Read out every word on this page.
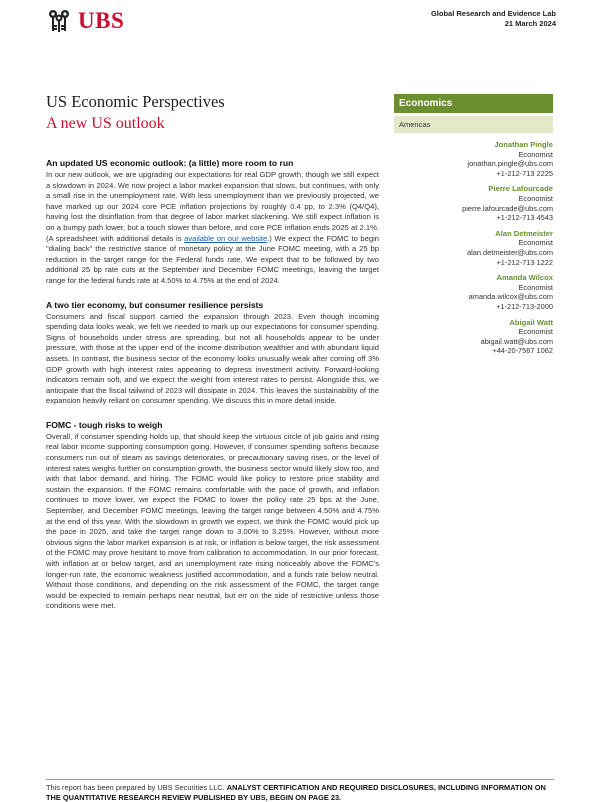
UBS	Global Research and Evidence Lab
21 March 2024
US Economic Perspectives
A new US outlook
An updated US economic outlook: (a little) more room to run

In our new outlook, we are upgrading our expectations for real GDP growth, though we still expect a slowdown in 2024. We now project a labor market expansion that slows, but continues, with only a small rise in the unemployment rate. With less unemployment than we previously projected, we have marked up our 2024 core PCE inflation projections by roughly 0.4 pp, to 2.3% (Q4/Q4), having lost the disinflation from that degree of labor market slackening. We still expect inflation is on a bumpy path lower, but a touch slower than before, and core PCE inflation ends 2025 at 2.1%. (A spreadsheet with additional details is available on our website.) We expect the FOMC to begin "dialing back" the restrictive stance of monetary policy at the June FOMC meeting, with a 25 bp reduction in the target range for the Federal funds rate. We expect that to be followed by two additional 25 bp rate cuts at the September and December FOMC meetings, leaving the target range for the federal funds rate at 4.50% to 4.75% at the end of 2024.

A two tier economy, but consumer resilience persists

Consumers and fiscal support carried the expansion through 2023. Even though incoming spending data looks weak, we felt we needed to mark up our expectations for consumer spending. Signs of households under stress are spreading, but not all households appear to be under pressure, with those at the upper end of the income distribution wealthier and with abundant liquid assets. In contrast, the business sector of the economy looks unusually weak after coming off 3% GDP growth with high interest rates appearing to depress investment activity. Forward-looking indicators remain soft, and we expect the weight from interest rates to persist. Alongside this, we anticipate that the fiscal tailwind of 2023 will dissipate in 2024. This leaves the sustainability of the expansion heavily reliant on consumer spending. We discuss this in more detail inside.

FOMC - tough risks to weigh

Overall, if consumer spending holds up, that should keep the virtuous circle of job gains and rising real labor income supporting consumption going. However, if consumer spending softens because consumers run out of steam as savings deteriorates, or precautionary saving rises, or the level of interest rates weighs further on consumption growth, the business sector would likely slow too, and with that labor demand, and hiring. The FOMC would like policy to restore price stability and sustain the expansion. If the FOMC remains comfortable with the pace of growth, and inflation continues to move lower, we expect the FOMC to lower the policy rate 25 bps at the June, September, and December FOMC meetings, leaving the target range between 4.50% and 4.75% at the end of this year. With the slowdown in growth we expect, we think the FOMC would pick up the pace in 2025, and take the target range down to 3.00% to 3.25%. However, without more obvious signs the labor market expansion is at risk, or inflation is below target, the risk assessment of the FOMC may prove hesitant to move from calibration to accommodation. In our prior forecast, with inflation at or below target, and an unemployment rate rising noticeably above the FOMC's longer-run rate, the economic weakness justified accommodation, and a funds rate below neutral. Without those conditions, and depending on the risk assessment of the FOMC, the target range would be expected to remain perhaps near neutral, but err on the side of restrictive unless those conditions were met.

Economics
Americas
Jonathan Pingle
Economist
jonathan.pingle@ubs.com
+1-212-713 2225
Pierre Lafourcade
Economist
pierre.lafourcade@ubs.com
+1-212-713 4543
Alan Detmeister
Economist
alan.detmeister@ubs.com
+1-212-713 1222
Amanda Wilcox
Economist
amanda.wilcox@ubs.com
+1-212-713-2000
Abigail Watt
Economist
abigail.watt@ubs.com
+44-20-7567 1062
This report has been prepared by UBS Securities LLC. ANALYST CERTIFICATION AND REQUIRED DISCLOSURES, INCLUDING INFORMATION ON THE QUANTITATIVE RESEARCH REVIEW PUBLISHED BY UBS, BEGIN ON PAGE 23.
